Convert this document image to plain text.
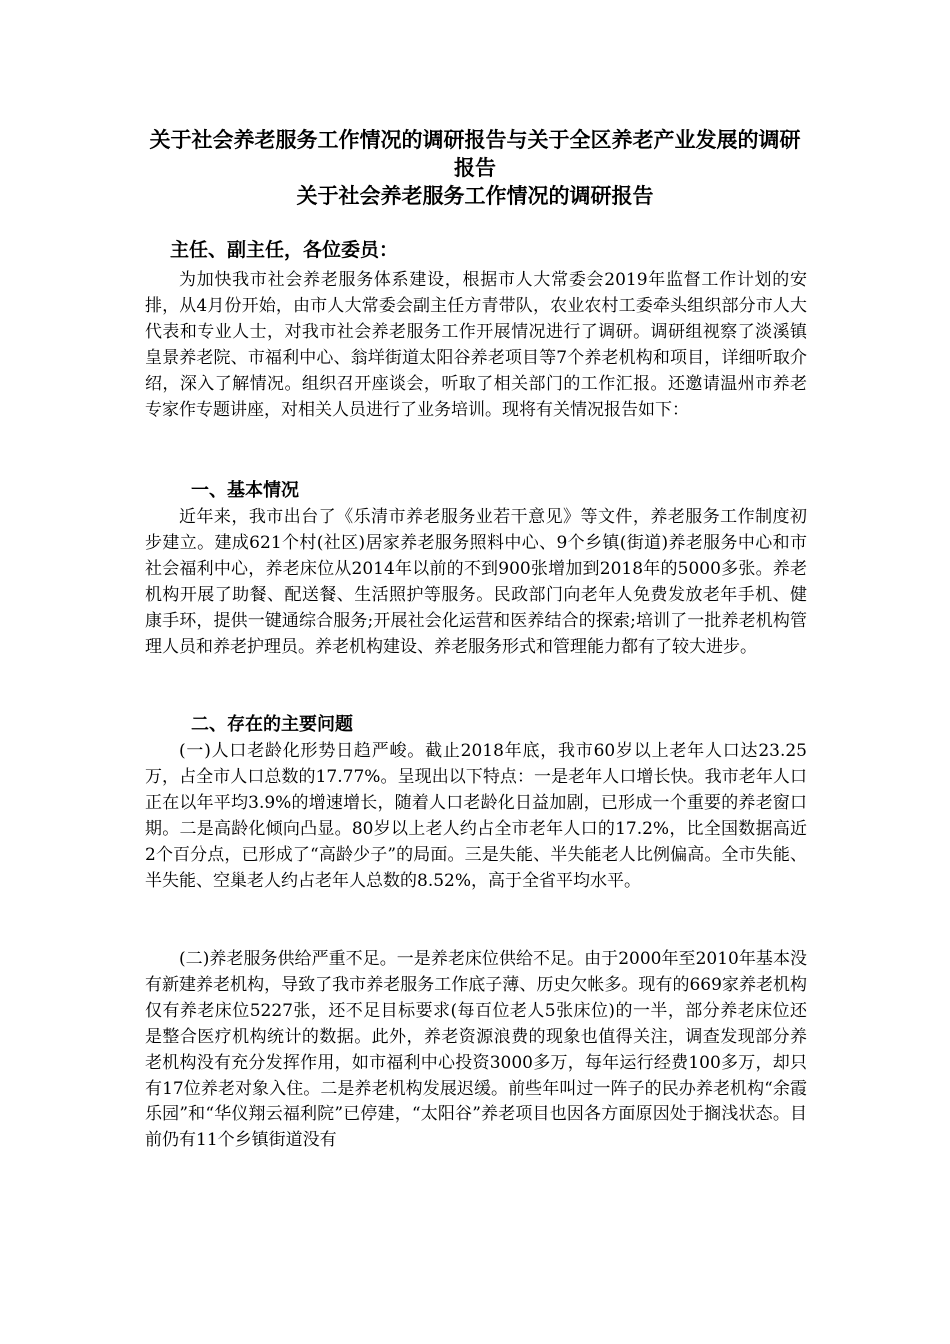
关于社会养老服务工作情况的调研报告与关于全区养老产业发展的调研报告
关于社会养老服务工作情况的调研报告

主任、副主任，各位委员：

为加快我市社会养老服务体系建设，根据市人大常委会2019年监督工作计划的安排，从4月份开始，由市人大常委会副主任方青带队，农业农村工委牵头组织部分市人大代表和专业人士，对我市社会养老服务工作开展情况进行了调研。调研组视察了淡溪镇皇景养老院、市福利中心、翁垟街道太阳谷养老项目等7个养老机构和项目，详细听取介绍，深入了解情况。组织召开座谈会，听取了相关部门的工作汇报。还邀请温州市养老专家作专题讲座，对相关人员进行了业务培训。现将有关情况报告如下：

一、基本情况

近年来，我市出台了《乐清市养老服务业若干意见》等文件，养老服务工作制度初步建立。建成621个村(社区)居家养老服务照料中心、9个乡镇(街道)养老服务中心和市社会福利中心，养老床位从2014年以前的不到900张增加到2018年的5000多张。养老机构开展了助餐、配送餐、生活照护等服务。民政部门向老年人免费发放老年手机、健康手环，提供一键通综合服务;开展社会化运营和医养结合的探索;培训了一批养老机构管理人员和养老护理员。养老机构建设、养老服务形式和管理能力都有了较大进步。

二、存在的主要问题

(一)人口老龄化形势日趋严峻。截止2018年底，我市60岁以上老年人口达23.25万，占全市人口总数的17.77%。呈现出以下特点：一是老年人口增长快。我市老年人口正在以年平均3.9%的增速增长，随着人口老龄化日益加剧，已形成一个重要的养老窗口期。二是高龄化倾向凸显。80岁以上老人约占全市老年人口的17.2%，比全国数据高近2个百分点，已形成了“高龄少子”的局面。三是失能、半失能老人比例偏高。全市失能、半失能、空巢老人约占老年人总数的8.52%，高于全省平均水平。

(二)养老服务供给严重不足。一是养老床位供给不足。由于2000年至2010年基本没有新建养老机构，导致了我市养老服务工作底子薄、历史欠帐多。现有的669家养老机构仅有养老床位5227张，还不足目标要求(每百位老人5张床位)的一半，部分养老床位还是整合医疗机构统计的数据。此外，养老资源浪费的现象也值得关注，调查发现部分养老机构没有充分发挥作用，如市福利中心投资3000多万，每年运行经费100多万，却只有17位养老对象入住。二是养老机构发展迟缓。前些年叫过一阵子的民办养老机构“余霞乐园”和“华仪翔云福利院”已停建，“太阳谷”养老项目也因各方面原因处于搁浅状态。目前仍有11个乡镇街道没有
